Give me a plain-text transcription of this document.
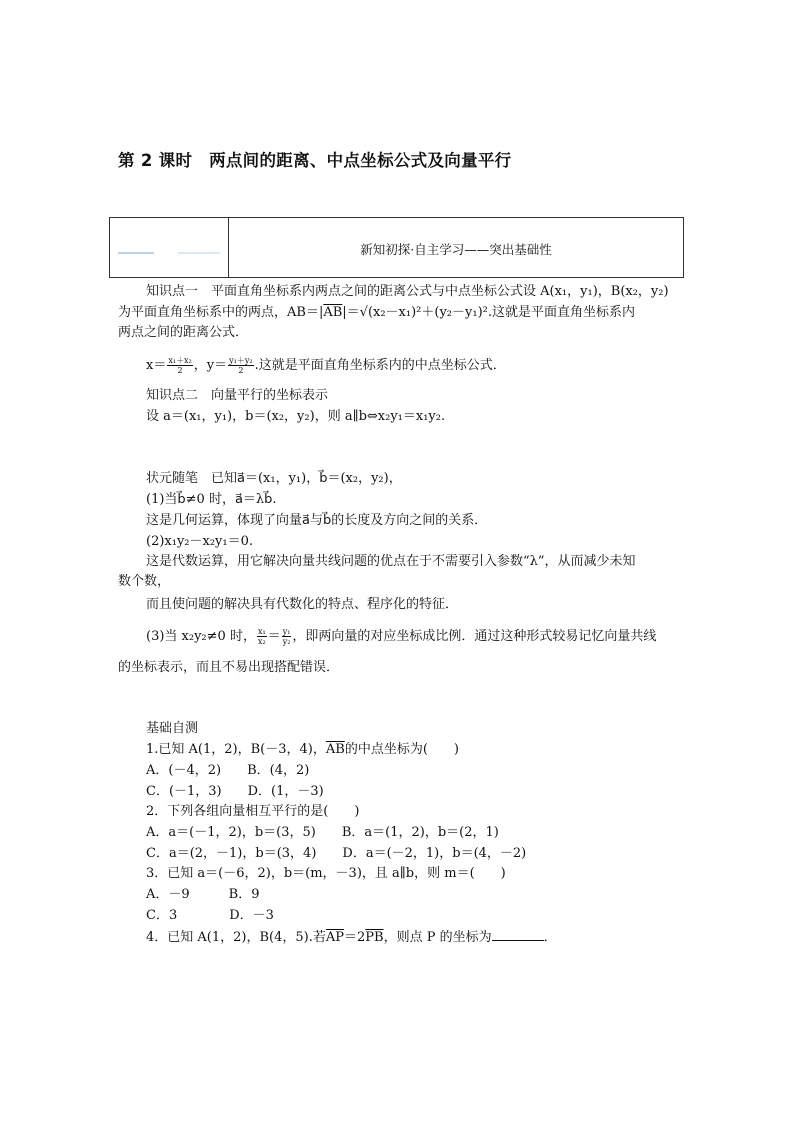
第 2 课时　两点间的距离、中点坐标公式及向量平行
新知初探·自主学习——突出基础性
知识点一　平面直角坐标系内两点之间的距离公式与中点坐标公式设 A(x₁，y₁)，B(x₂，y₂)
为平面直角坐标系中的两点，$AB=|\overline{AB}|=√(x_2-x_1)^2+(y_2-y_1)^2$.这就是平面直角坐标系内
两点之间的距离公式．
$x= \frac{\text{x₁＋x₂}}{2}$ ，$y= \frac{\text{y₁＋y₂}}{2}$ .这就是平面直角坐标系内的中点坐标公式．
知识点二　向量平行的坐标表示
设 a＝(x₁，y₁)，b＝(x₂，y₂)，则 a∥b⇔x₂y₁＝x₁y₂.
状元随笔　已知a⃗＝(x₁，y₁)，b⃗＝(x₂，y₂)，
(1)当b⃗≠0 时，a⃗＝λb⃗.
这是几何运算，体现了向量a⃗与b⃗的长度及方向之间的关系．
(2)x₁y₂－x₂y₁＝0.
这是代数运算，用它解决向量共线问题的优点在于不需要引入参数“λ”，从而减少未知
数个数，
而且使问题的解决具有代数化的特点、程序化的特征．
(3)当 x₂y₂≠0 时， $\frac{\text{x₁}}{\text{x₂}} = \frac{\text{y₁}}{\text{y₂}}$ ，即两向量的对应坐标成比例．通过这种形式较易记忆向量共线
的坐标表示，而且不易出现搭配错误．
基础自测
1.已知 A(1，2)，B(－3，4)，$\overline{AB}$的中点坐标为(　　)
A．(－4，2)　　B．(4，2)
C．(－1，3)　　D．(1，－3)
2．下列各组向量相互平行的是(　　)
A．a＝(－1，2)，b＝(3，5)　　B．a＝(1，2)，b＝(2，1)
C．a＝(2，－1)，b＝(3，4)　　D．a＝(－2，1)，b＝(4，－2)
3．已知 a＝(－6，2)，b＝(m，－3)，且 a∥b，则 m＝(　　)
A．－9　　　B．9
C．3　　　　D．－3
4．已知 A(1，2)，B(4，5).若$\overline{AP}=2\overline{PB}$，则点 P 的坐标为	．
